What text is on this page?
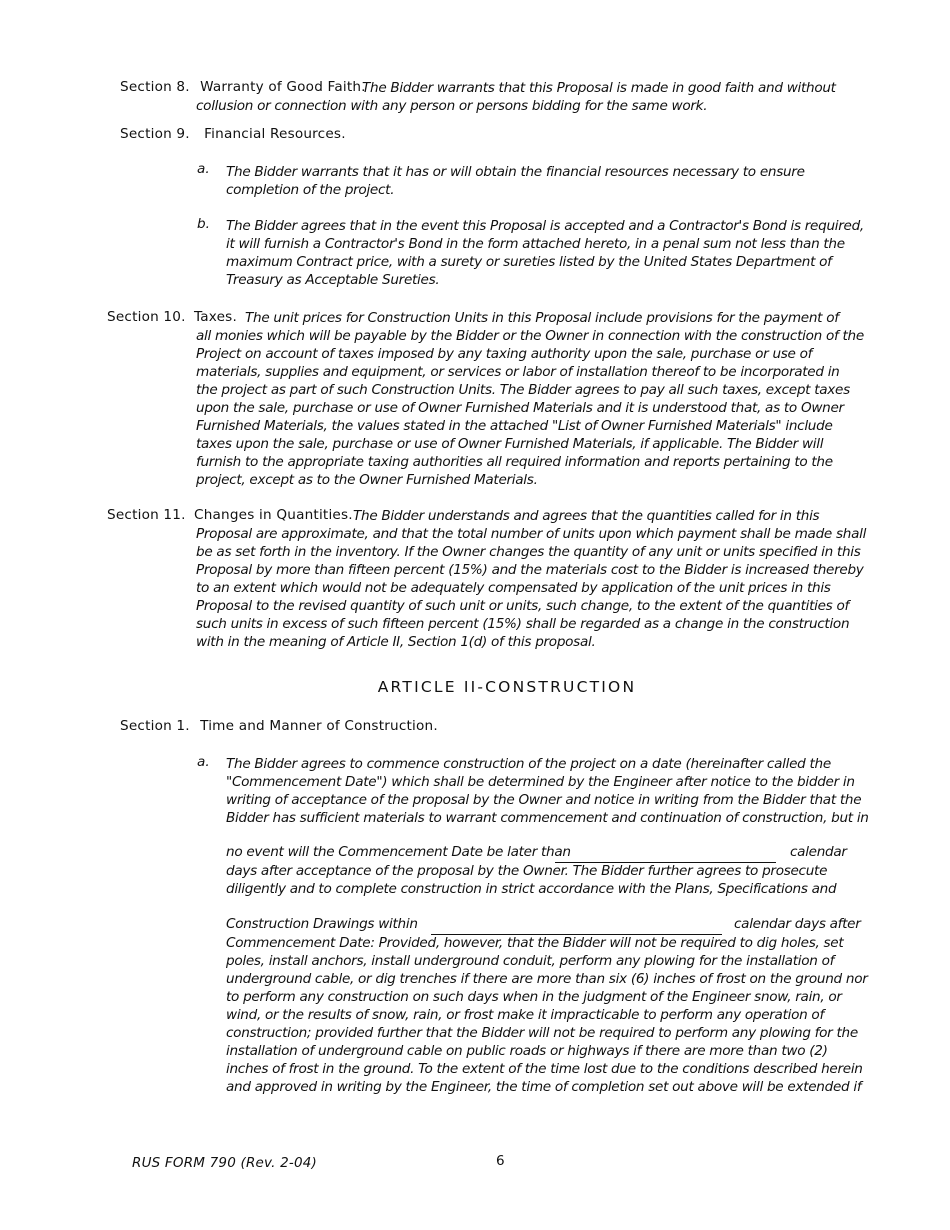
Section 8. Warranty of Good Faith.
The Bidder warrants that this Proposal is made in good faith and without
collusion or connection with any person or persons bidding for the same work.
Section 9. Financial Resources.
a. The Bidder warrants that it has or will obtain the financial resources necessary to ensure
completion of the project.
b. The Bidder agrees that in the event this Proposal is accepted and a Contractor's Bond is required,
it will furnish a Contractor's Bond in the form attached hereto, in a penal sum not less than the
maximum Contract price, with a surety or sureties listed by the United States Department of
Treasury as Acceptable Sureties.
Section 10. Taxes. The unit prices for Construction Units in this Proposal include provisions for the payment of
all monies which will be payable by the Bidder or the Owner in connection with the construction of the
Project on account of taxes imposed by any taxing authority upon the sale, purchase or use of
materials, supplies and equipment, or services or labor of installation thereof to be incorporated in
the project as part of such Construction Units. The Bidder agrees to pay all such taxes, except taxes
upon the sale, purchase or use of Owner Furnished Materials and it is understood that, as to Owner
Furnished Materials, the values stated in the attached "List of Owner Furnished Materials" include
taxes upon the sale, purchase or use of Owner Furnished Materials, if applicable. The Bidder will
furnish to the appropriate taxing authorities all required information and reports pertaining to the
project, except as to the Owner Furnished Materials.
Section 11. Changes in Quantities. The Bidder understands and agrees that the quantities called for in this
Proposal are approximate, and that the total number of units upon which payment shall be made shall
be as set forth in the inventory. If the Owner changes the quantity of any unit or units specified in this
Proposal by more than fifteen percent (15%) and the materials cost to the Bidder is increased thereby
to an extent which would not be adequately compensated by application of the unit prices in this
Proposal to the revised quantity of such unit or units, such change, to the extent of the quantities of
such units in excess of such fifteen percent (15%) shall be regarded as a change in the construction
with in the meaning of Article II, Section 1(d) of this proposal.
ARTICLE II-CONSTRUCTION
Section 1. Time and Manner of Construction.
a. The Bidder agrees to commence construction of the project on a date (hereinafter called the
"Commencement Date") which shall be determined by the Engineer after notice to the bidder in
writing of acceptance of the proposal by the Owner and notice in writing from the Bidder that the
Bidder has sufficient materials to warrant commencement and continuation of construction, but in
no event will the Commencement Date be later than	calendar
days after acceptance of the proposal by the Owner. The Bidder further agrees to prosecute
diligently and to complete construction in strict accordance with the Plans, Specifications and
Construction Drawings within	calendar days after
Commencement Date: Provided, however, that the Bidder will not be required to dig holes, set
poles, install anchors, install underground conduit, perform any plowing for the installation of
underground cable, or dig trenches if there are more than six (6) inches of frost on the ground nor
to perform any construction on such days when in the judgment of the Engineer snow, rain, or
wind, or the results of snow, rain, or frost make it impracticable to perform any operation of
construction; provided further that the Bidder will not be required to perform any plowing for the
installation of underground cable on public roads or highways if there are more than two (2)
inches of frost in the ground. To the extent of the time lost due to the conditions described herein
and approved in writing by the Engineer, the time of completion set out above will be extended if
RUS FORM 790 (Rev. 2-04)	6
